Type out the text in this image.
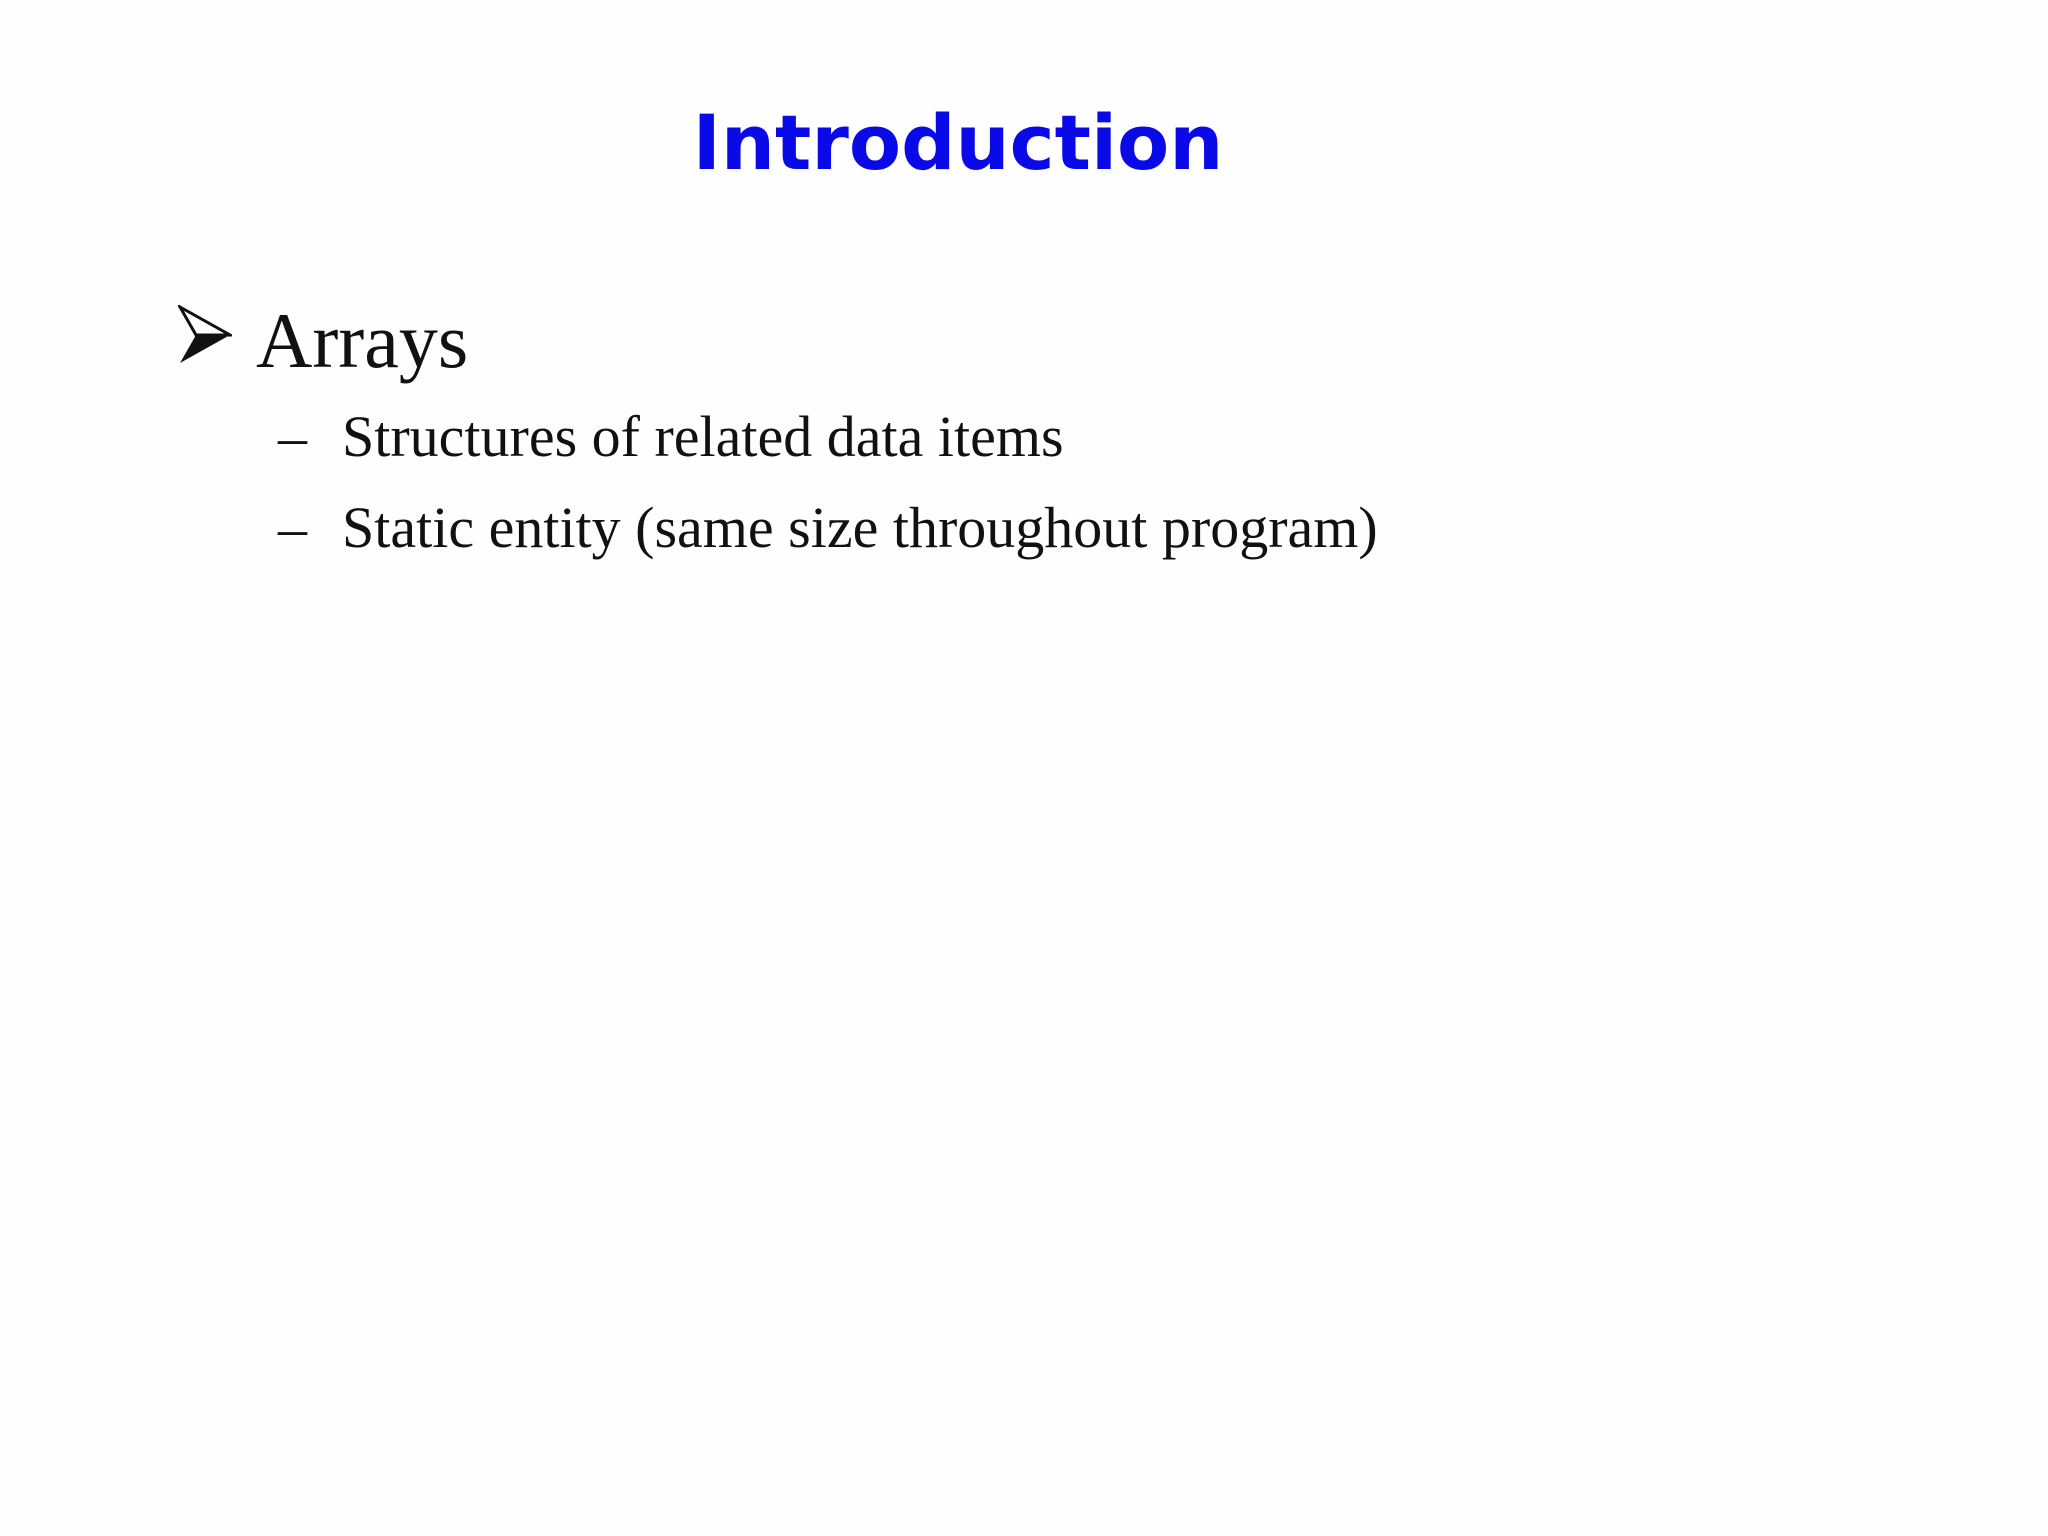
Introduction
Arrays
– Structures of related data items
– Static entity (same size throughout program)
